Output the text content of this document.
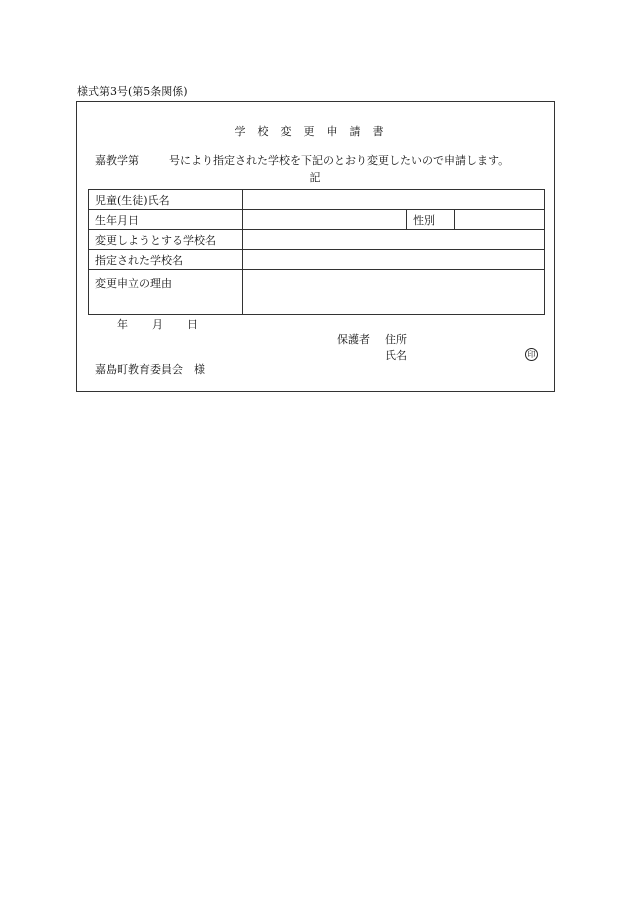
様式第3号(第5条関係)
学校変更申請書
嘉教学第	号により指定された学校を下記のとおり変更したいので申請します。
記
児童(生徒)氏名			
生年月日		性別	
変更しようとする学校名			
指定された学校名			
変更申立の理由			
年 月 日
保護者 住所
氏名	印
嘉島町教育委員会　様
